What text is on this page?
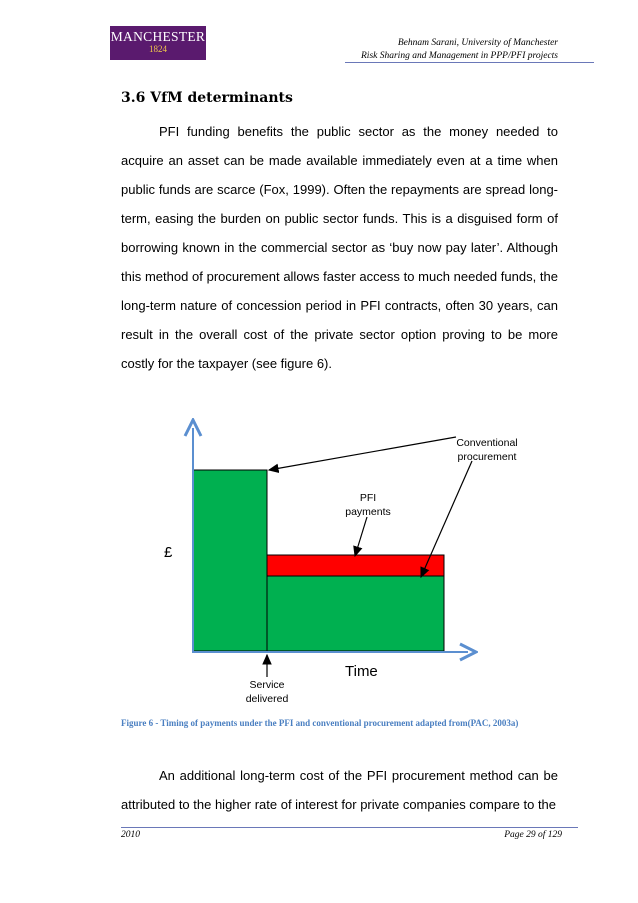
MANCHESTER
1824
Behnam Sarani, University of Manchester
Risk Sharing and Management in PPP/PFI projects
3.6 VfM determinants

PFI funding benefits the public sector as the money needed to acquire an asset can be made available immediately even at a time when public funds are scarce (Fox, 1999). Often the repayments are spread long-term, easing the burden on public sector funds. This is a disguised form of borrowing known in the commercial sector as ‘buy now pay later’. Although this method of procurement allows faster access to much needed funds, the long-term nature of concession period in PFI contracts, often 30 years, can result in the overall cost of the private sector option proving to be more costly for the taxpayer (see figure 6).

£
Time
Conventional
procurement
PFI
payments
Service
delivered
Figure 6 - Timing of payments under the PFI and conventional procurement adapted from(PAC, 2003a)

An additional long-term cost of the PFI procurement method can be attributed to the higher rate of interest for private companies compare to the

2010	Page 29 of 129
